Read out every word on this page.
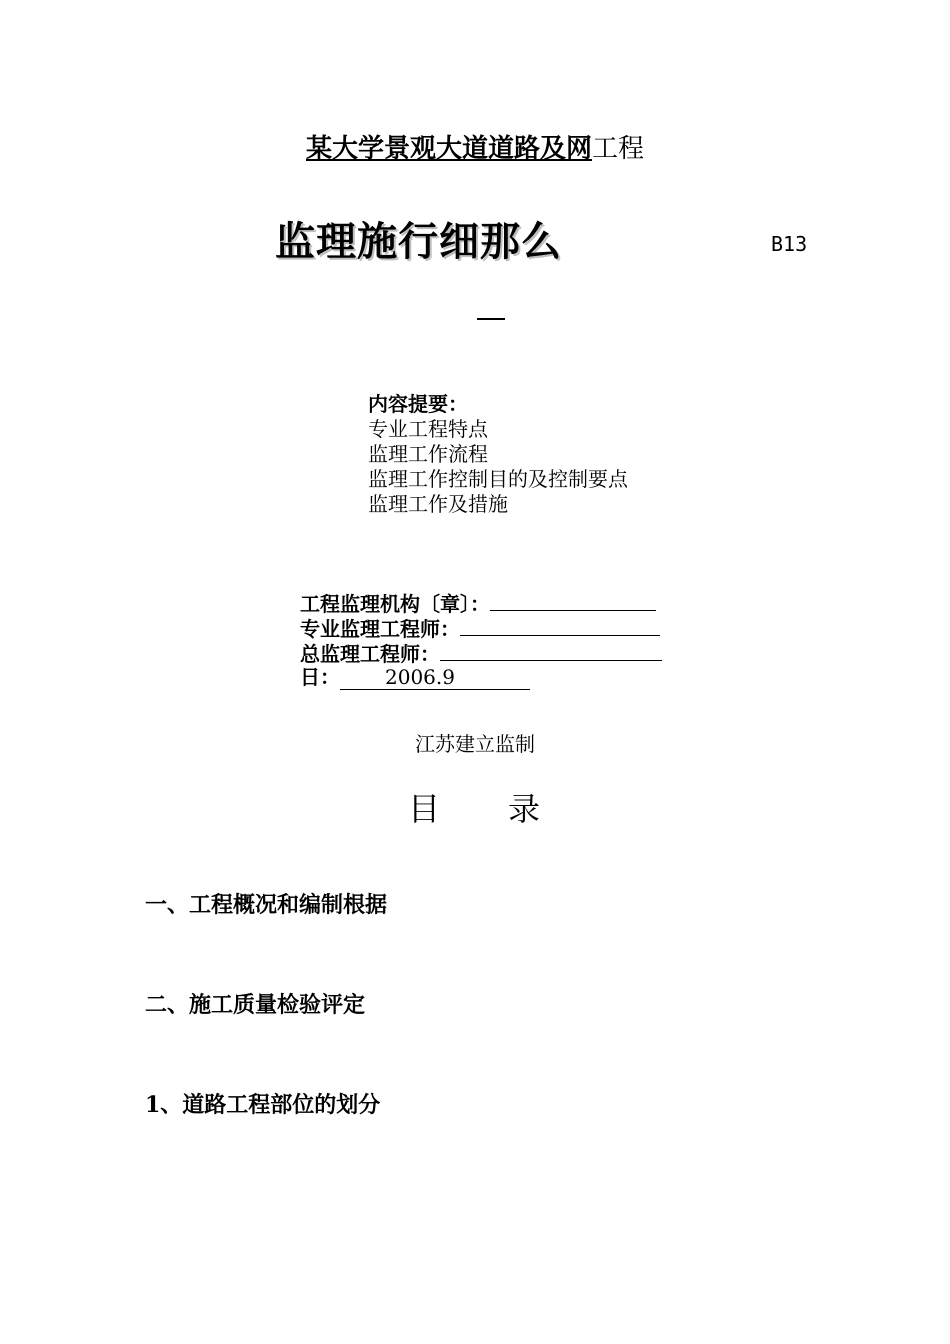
某大学景观大道道路及网工程
监理施行细那么	B13
内容提要：
专业工程特点
监理工作流程
监理工作控制目的及控制要点
监理工作及措施
工程监理机构〔章〕：
专业监理工程师：
总监理工程师：
日： 2006.9
江苏建立监制
目 录
一、工程概况和编制根据
二、施工质量检验评定
1、道路工程部位的划分
